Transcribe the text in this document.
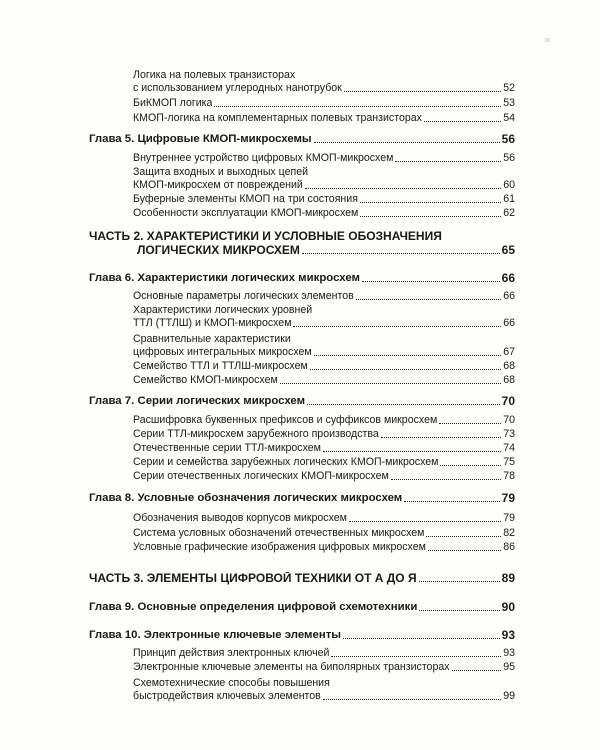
Логика на полевых транзисторах
с использованием углеродных нанотрубок	52
БиКМОП логика	53
КМОП-логика на комплементарных полевых транзисторах	54
Глава 5. Цифровые КМОП-микросхемы	56
Внутреннее устройство цифровых КМОП-микросхем	56
Защита входных и выходных цепей
КМОП-микросхем от повреждений	60
Буферные элементы КМОП на три состояния	61
Особенности эксплуатации КМОП-микросхем	62
ЧАСТЬ 2. ХАРАКТЕРИСТИКИ И УСЛОВНЫЕ ОБОЗНАЧЕНИЯ
ЛОГИЧЕСКИХ МИКРОСХЕМ	65
Глава 6. Характеристики логических микросхем	66
Основные параметры логических элементов	66
Характеристики логических уровней
ТТЛ (ТТЛШ) и КМОП-микросхем	66
Сравнительные характеристики
цифровых интегральных микросхем	67
Семейство ТТЛ и ТТЛШ-микросхем	68
Семейство КМОП-микросхем	68
Глава 7. Серии логических микросхем	70
Расшифровка буквенных префиксов и суффиксов микросхем	70
Серии ТТЛ-микросхем зарубежного производства	73
Отечественные серии ТТЛ-микросхем	74
Серии и семейства зарубежных логических КМОП-микросхем	75
Серии отечественных логических КМОП-микросхем	78
Глава 8. Условные обозначения логических микросхем	79
Обозначения выводов корпусов микросхем	79
Система условных обозначений отечественных микросхем	82
Условные графические изображения цифровых микросхем	86
ЧАСТЬ 3. ЭЛЕМЕНТЫ ЦИФРОВОЙ ТЕХНИКИ ОТ А ДО Я	89
Глава 9. Основные определения цифровой схемотехники	90
Глава 10. Электронные ключевые элементы	93
Принцип действия электронных ключей	93
Электронные ключевые элементы на биполярных транзисторах	95
Схемотехнические способы повышения
быстродействия ключевых элементов	99
